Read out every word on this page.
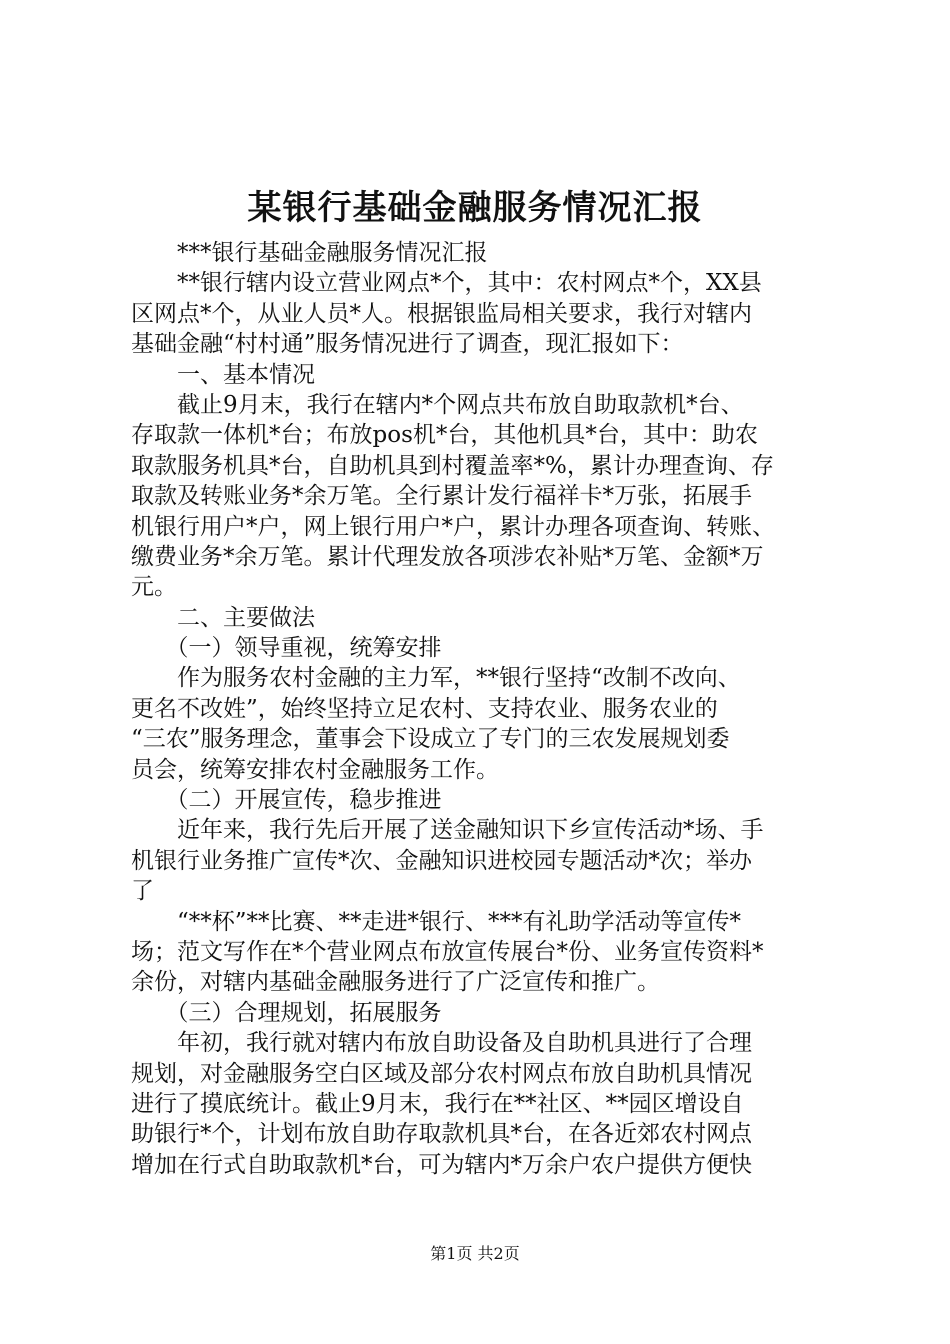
某银行基础金融服务情况汇报
　　***银行基础金融服务情况汇报
　　**银行辖内设立营业网点*个，其中：农村网点*个，XX县
区网点*个，从业人员*人。根据银监局相关要求，我行对辖内
基础金融“村村通”服务情况进行了调查，现汇报如下：
　　一、基本情况
　　截止9月末，我行在辖内*个网点共布放自助取款机*台、
存取款一体机*台；布放pos机*台，其他机具*台，其中：助农
取款服务机具*台，自助机具到村覆盖率*%，累计办理查询、存
取款及转账业务*余万笔。全行累计发行福祥卡*万张，拓展手
机银行用户*户，网上银行用户*户，累计办理各项查询、转账、
缴费业务*余万笔。累计代理发放各项涉农补贴*万笔、金额*万
元。
　　二、主要做法
　　（一）领导重视，统筹安排
　　作为服务农村金融的主力军，**银行坚持“改制不改向、
更名不改姓”，始终坚持立足农村、支持农业、服务农业的
“三农”服务理念，董事会下设成立了专门的三农发展规划委
员会，统筹安排农村金融服务工作。
　　（二）开展宣传，稳步推进
　　近年来，我行先后开展了送金融知识下乡宣传活动*场、手
机银行业务推广宣传*次、金融知识进校园专题活动*次；举办
了
　　“**杯”**比赛、**走进*银行、***有礼助学活动等宣传*
场；范文写作在*个营业网点布放宣传展台*份、业务宣传资料*
余份，对辖内基础金融服务进行了广泛宣传和推广。
　　（三）合理规划，拓展服务
　　年初，我行就对辖内布放自助设备及自助机具进行了合理
规划，对金融服务空白区域及部分农村网点布放自助机具情况
进行了摸底统计。截止9月末，我行在**社区、**园区增设自
助银行*个，计划布放自助存取款机具*台，在各近郊农村网点
增加在行式自助取款机*台，可为辖内*万余户农户提供方便快
第1页 共2页
